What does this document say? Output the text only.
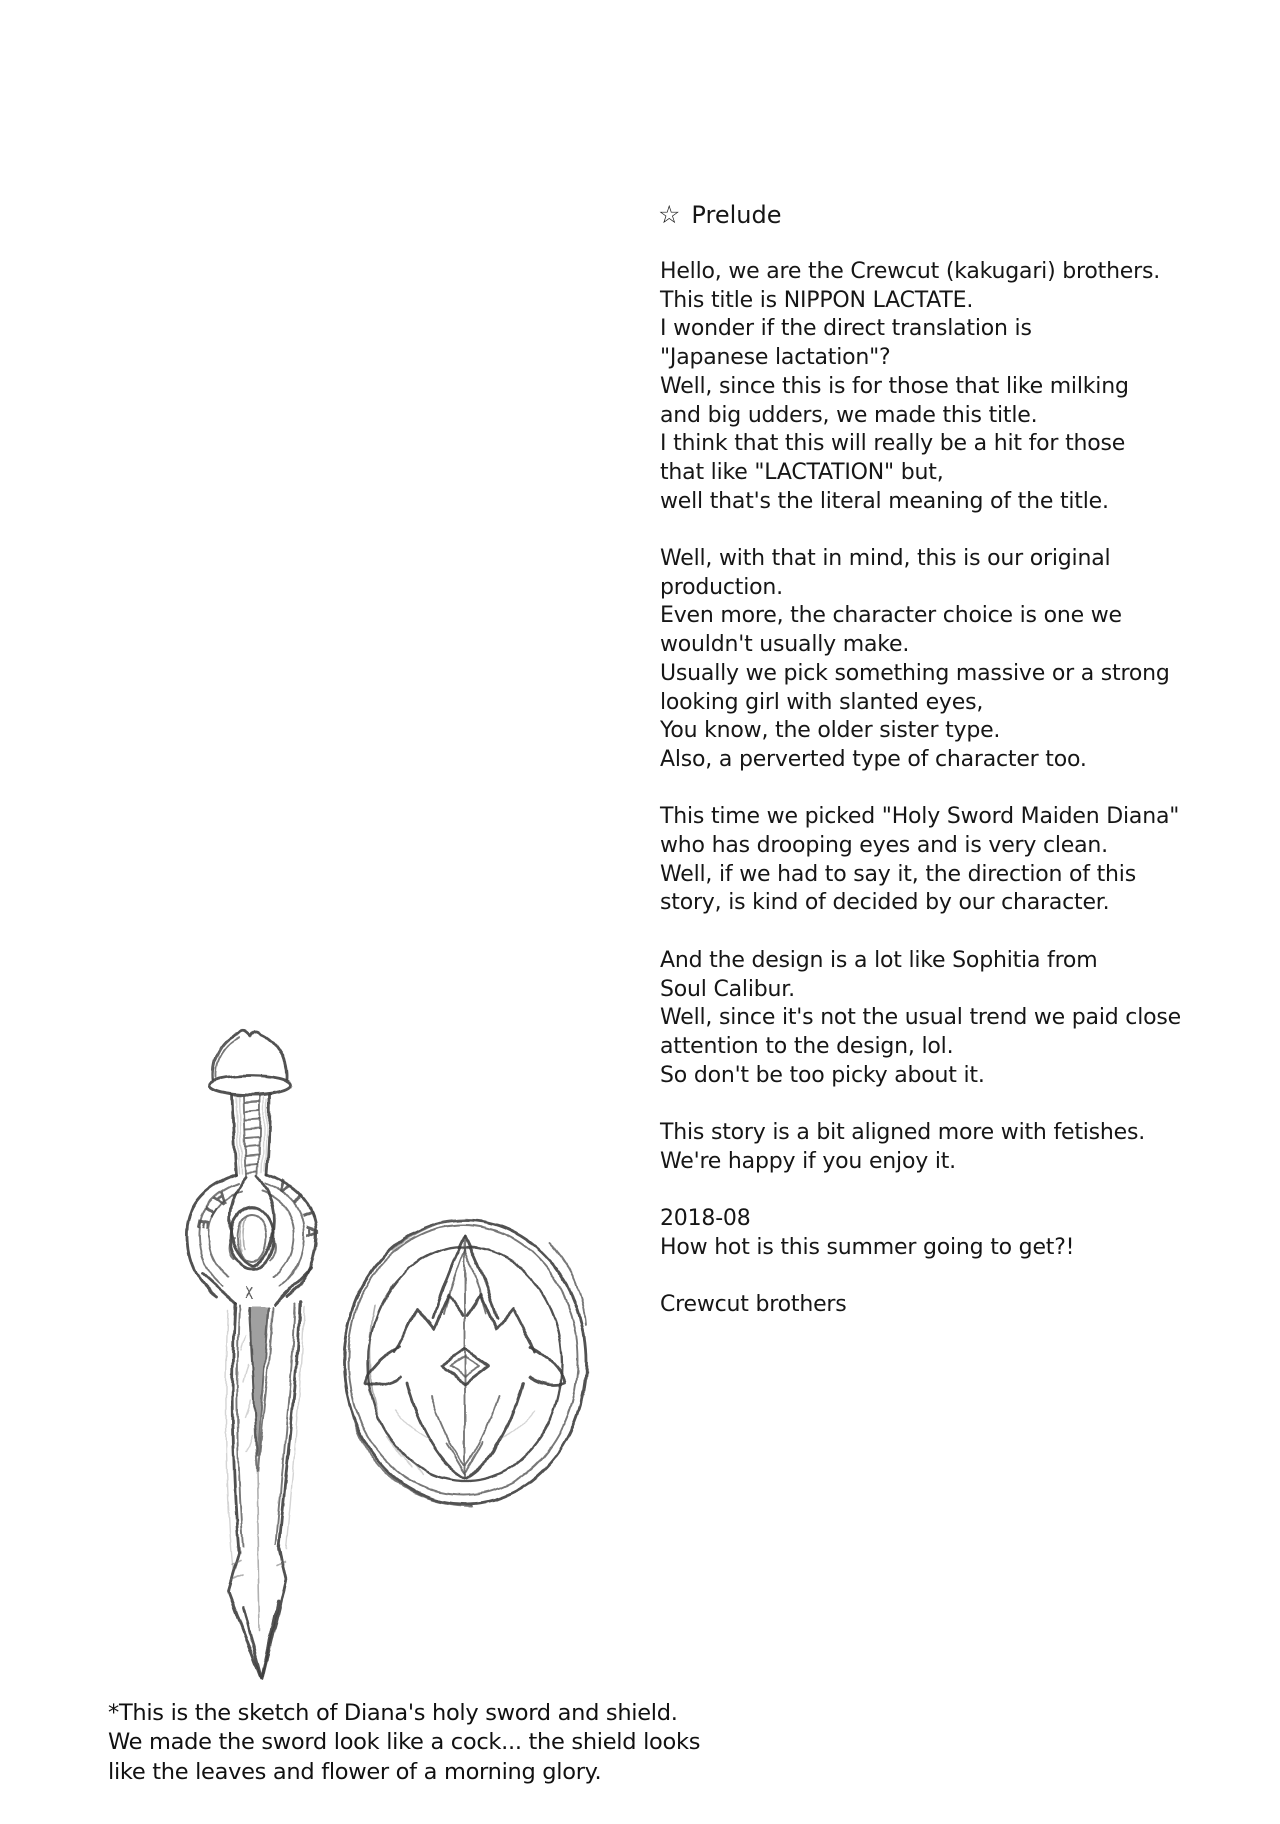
☆ Prelude
Hello, we are the Crewcut (kakugari) brothers.
This title is NIPPON LACTATE.
I wonder if the direct translation is
"Japanese lactation"?
Well, since this is for those that like milking
and big udders, we made this title.
I think that this will really be a hit for those
that like "LACTATION" but,
well that's the literal meaning of the title.
Well, with that in mind, this is our original
production.
Even more, the character choice is one we
wouldn't usually make.
Usually we pick something massive or a strong
looking girl with slanted eyes,
You know, the older sister type.
Also, a perverted type of character too.
This time we picked "Holy Sword Maiden Diana"
who has drooping eyes and is very clean.
Well, if we had to say it, the direction of this
story, is kind of decided by our character.
And the design is a lot like Sophitia from
Soul Calibur.
Well, since it's not the usual trend we paid close
attention to the design, lol.
So don't be too picky about it.
This story is a bit aligned more with fetishes.
We're happy if you enjoy it.
2018-08
How hot is this summer going to get?!
Crewcut brothers
X
VITA
ATE
*This is the sketch of Diana's holy sword and shield.
We made the sword look like a cock... the shield looks
like the leaves and flower of a morning glory.
